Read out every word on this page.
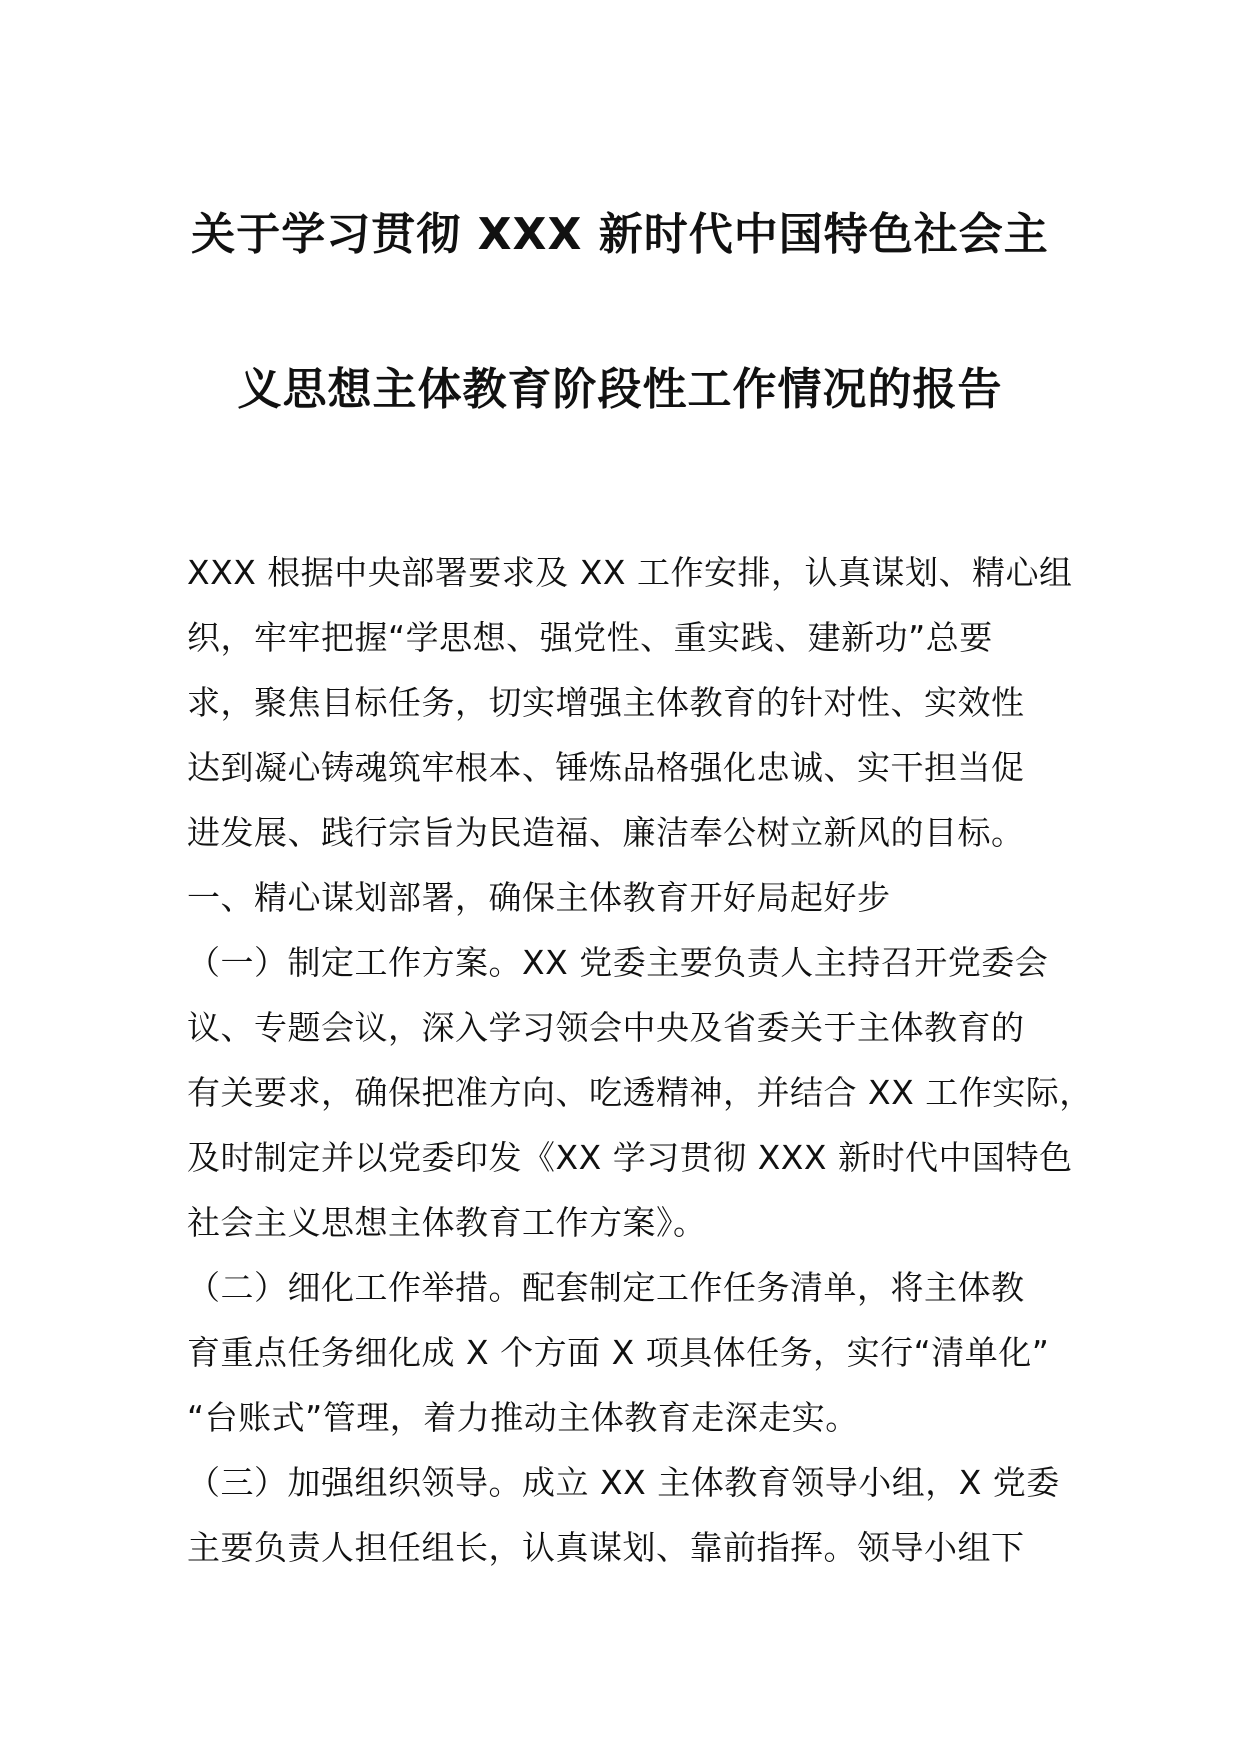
关于学习贯彻 XXX 新时代中国特色社会主
义思想主体教育阶段性工作情况的报告
XXX 根据中央部署要求及 XX 工作安排，认真谋划、精心组
织，牢牢把握“学思想、强党性、重实践、建新功”总要
求，聚焦目标任务，切实增强主体教育的针对性、实效性
达到凝心铸魂筑牢根本、锤炼品格强化忠诚、实干担当促
进发展、践行宗旨为民造福、廉洁奉公树立新风的目标。
一、精心谋划部署，确保主体教育开好局起好步
（一）制定工作方案。XX 党委主要负责人主持召开党委会
议、专题会议，深入学习领会中央及省委关于主体教育的
有关要求，确保把准方向、吃透精神，并结合 XX 工作实际，
及时制定并以党委印发《XX 学习贯彻 XXX 新时代中国特色
社会主义思想主体教育工作方案》。
（二）细化工作举措。配套制定工作任务清单，将主体教
育重点任务细化成 X 个方面 X 项具体任务，实行“清单化”
“台账式”管理，着力推动主体教育走深走实。
（三）加强组织领导。成立 XX 主体教育领导小组，X 党委
主要负责人担任组长，认真谋划、靠前指挥。领导小组下
